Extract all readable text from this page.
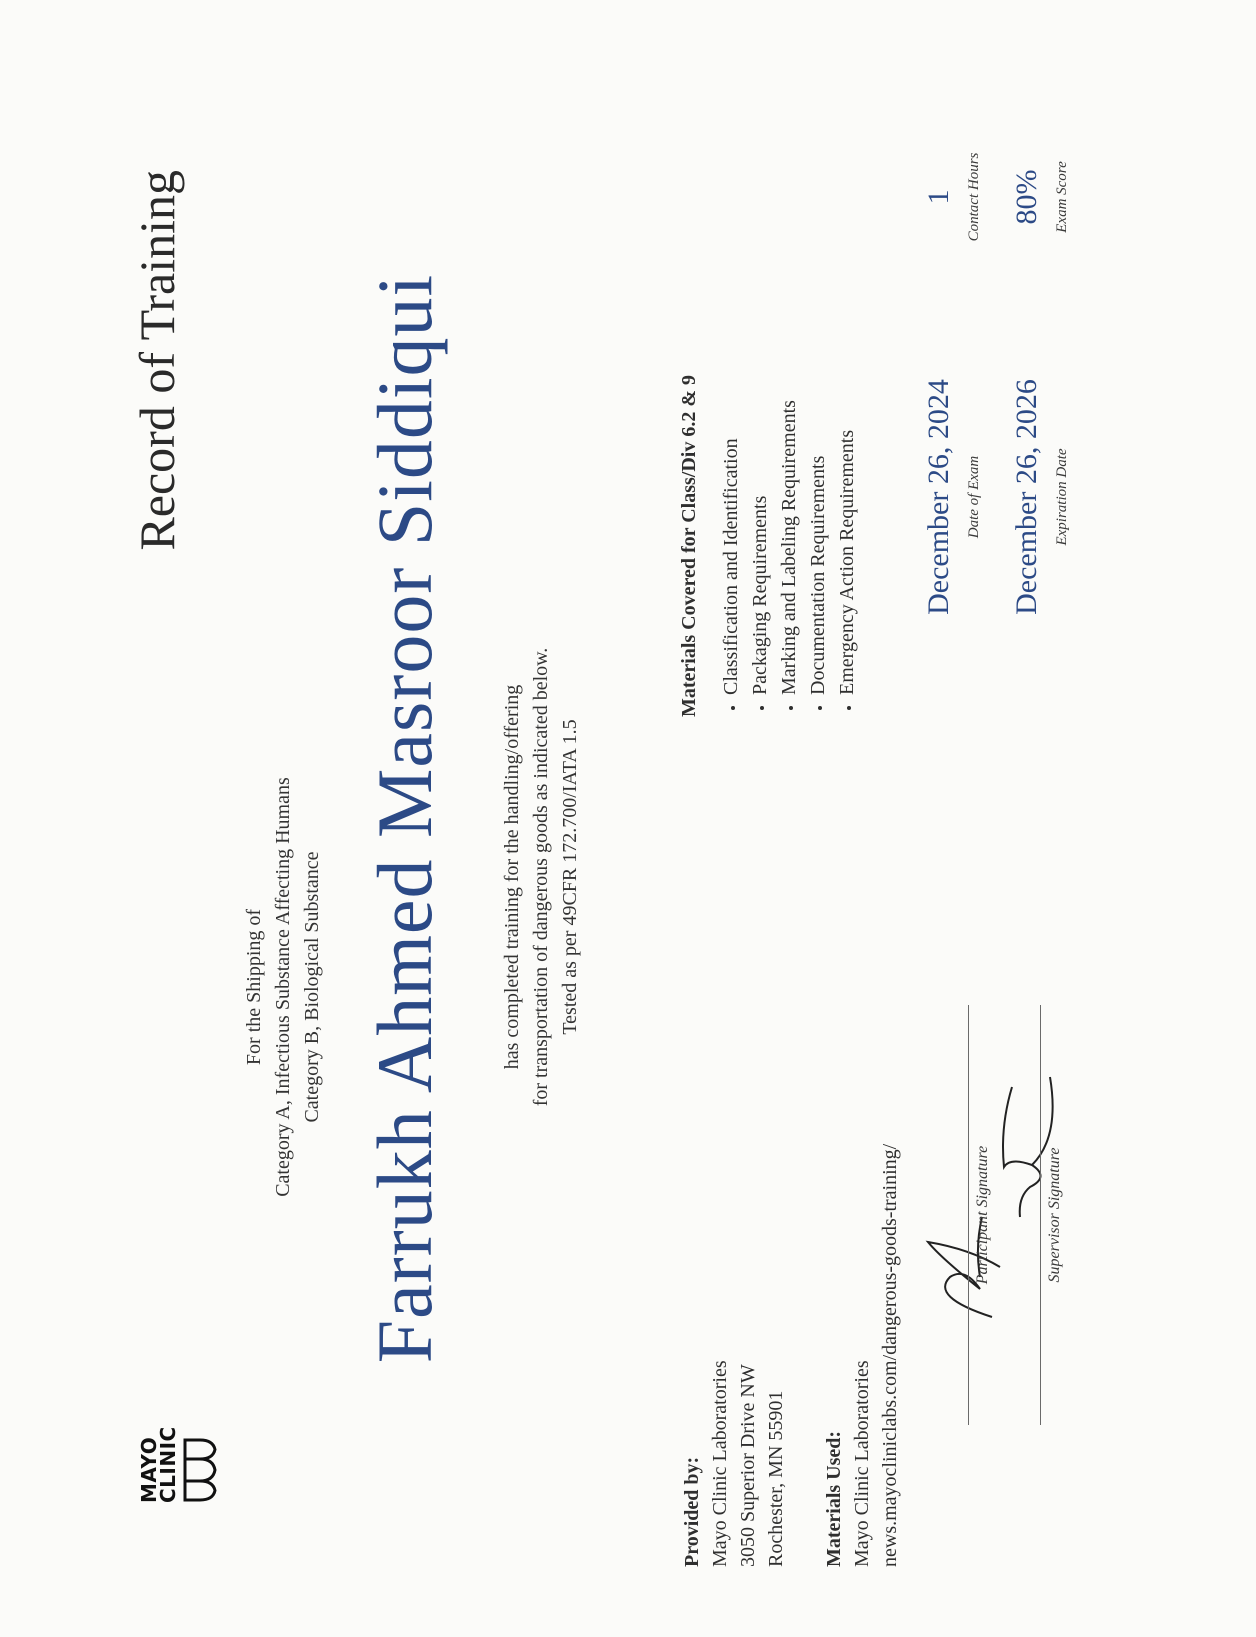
MAYO
CLINIC
Record of Training
For the Shipping of Category A, Infectious Substance Affecting Humans Category B, Biological Substance Farrukh Ahmed Masroor Siddiqui	has completed training for the handling/offering for transportation of dangerous goods as indicated below. Tested as per 49CFR 172.700/IATA 1.5
Provided by: Mayo Clinic Laboratories 3050 Superior Drive NW Rochester, MN 55901 Materials Used: Mayo Clinic Laboratories news.mayocliniclabs.com/dangerous-goods-training/
Materials Covered for Class/Div 6.2 & 9 • Classification and Identification • Packaging Requirements • Marking and Labeling Requirements • Documentation Requirements • Emergency Action Requirements
Participant Signature	Supervisor Signature
December 26, 2024 Date of Exam December 26, 2026 Expiration Date
1 Contact Hours 80% Exam Score
